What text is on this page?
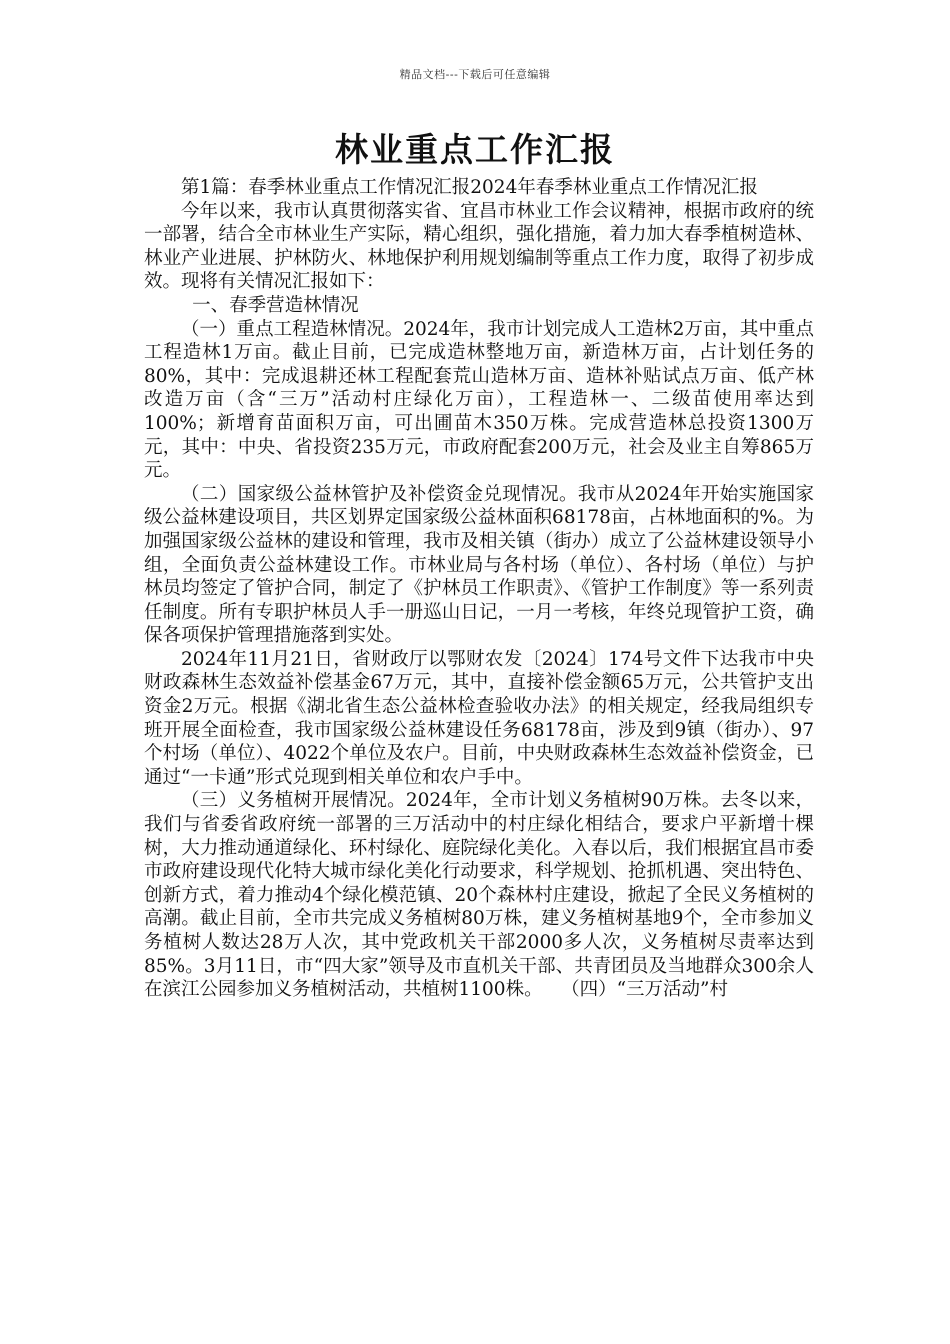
精品文档---下载后可任意编辑
林业重点工作汇报

第1篇：春季林业重点工作情况汇报2024年春季林业重点工作情况汇报

今年以来，我市认真贯彻落实省、宜昌市林业工作会议精神，根据市政府的统一部署，结合全市林业生产实际，精心组织，强化措施，着力加大春季植树造林、林业产业进展、护林防火、林地保护利用规划编制等重点工作力度，取得了初步成效。现将有关情况汇报如下：

一、春季营造林情况

（一）重点工程造林情况。2024年，我市计划完成人工造林2万亩，其中重点工程造林1万亩。截止目前，已完成造林整地万亩，新造林万亩，占计划任务的80%，其中：完成退耕还林工程配套荒山造林万亩、造林补贴试点万亩、低产林改造万亩（含“三万”活动村庄绿化万亩），工程造林一、二级苗使用率达到100%；新增育苗面积万亩，可出圃苗木350万株。完成营造林总投资1300万元，其中：中央、省投资235万元，市政府配套200万元，社会及业主自筹865万元。

（二）国家级公益林管护及补偿资金兑现情况。我市从2024年开始实施国家级公益林建设项目，共区划界定国家级公益林面积68178亩，占林地面积的%。为加强国家级公益林的建设和管理，我市及相关镇（街办）成立了公益林建设领导小组，全面负责公益林建设工作。市林业局与各村场（单位）、各村场（单位）与护林员均签定了管护合同，制定了《护林员工作职责》、《管护工作制度》等一系列责任制度。所有专职护林员人手一册巡山日记，一月一考核，年终兑现管护工资，确保各项保护管理措施落到实处。

2024年11月21日，省财政厅以鄂财农发〔2024〕174号文件下达我市中央财政森林生态效益补偿基金67万元，其中，直接补偿金额65万元，公共管护支出资金2万元。根据《湖北省生态公益林检查验收办法》的相关规定，经我局组织专班开展全面检查，我市国家级公益林建设任务68178亩，涉及到9镇（街办）、97个村场（单位）、4022个单位及农户。目前，中央财政森林生态效益补偿资金，已通过“一卡通”形式兑现到相关单位和农户手中。

（三）义务植树开展情况。2024年，全市计划义务植树90万株。去冬以来，我们与省委省政府统一部署的三万活动中的村庄绿化相结合，要求户平新增十棵树，大力推动通道绿化、环村绿化、庭院绿化美化。入春以后，我们根据宜昌市委市政府建设现代化特大城市绿化美化行动要求，科学规划、抢抓机遇、突出特色、创新方式，着力推动4个绿化模范镇、20个森林村庄建设，掀起了全民义务植树的高潮。截止目前，全市共完成义务植树80万株，建义务植树基地9个，全市参加义务植树人数达28万人次，其中党政机关干部2000多人次，义务植树尽责率达到85%。3月11日，市“四大家”领导及市直机关干部、共青团员及当地群众300余人在滨江公园参加义务植树活动，共植树1100株。　　（四）“三万活动”村
